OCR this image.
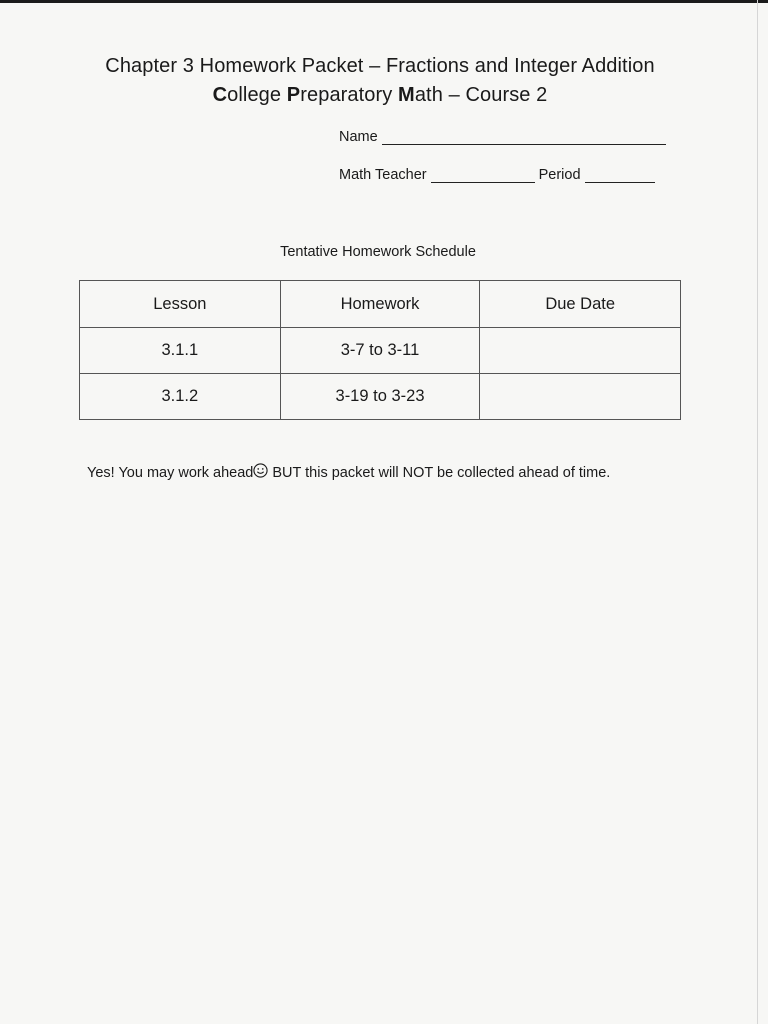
Chapter 3 Homework Packet – Fractions and Integer Addition
College Preparatory Math – Course 2
Name
Math Teacher	Period
Tentative Homework Schedule
Lesson	Homework	Due Date
3.1.1	3-7 to 3-11	
3.1.2	3-19 to 3-23	
Yes! You may work ahead BUT this packet will NOT be collected ahead of time.
